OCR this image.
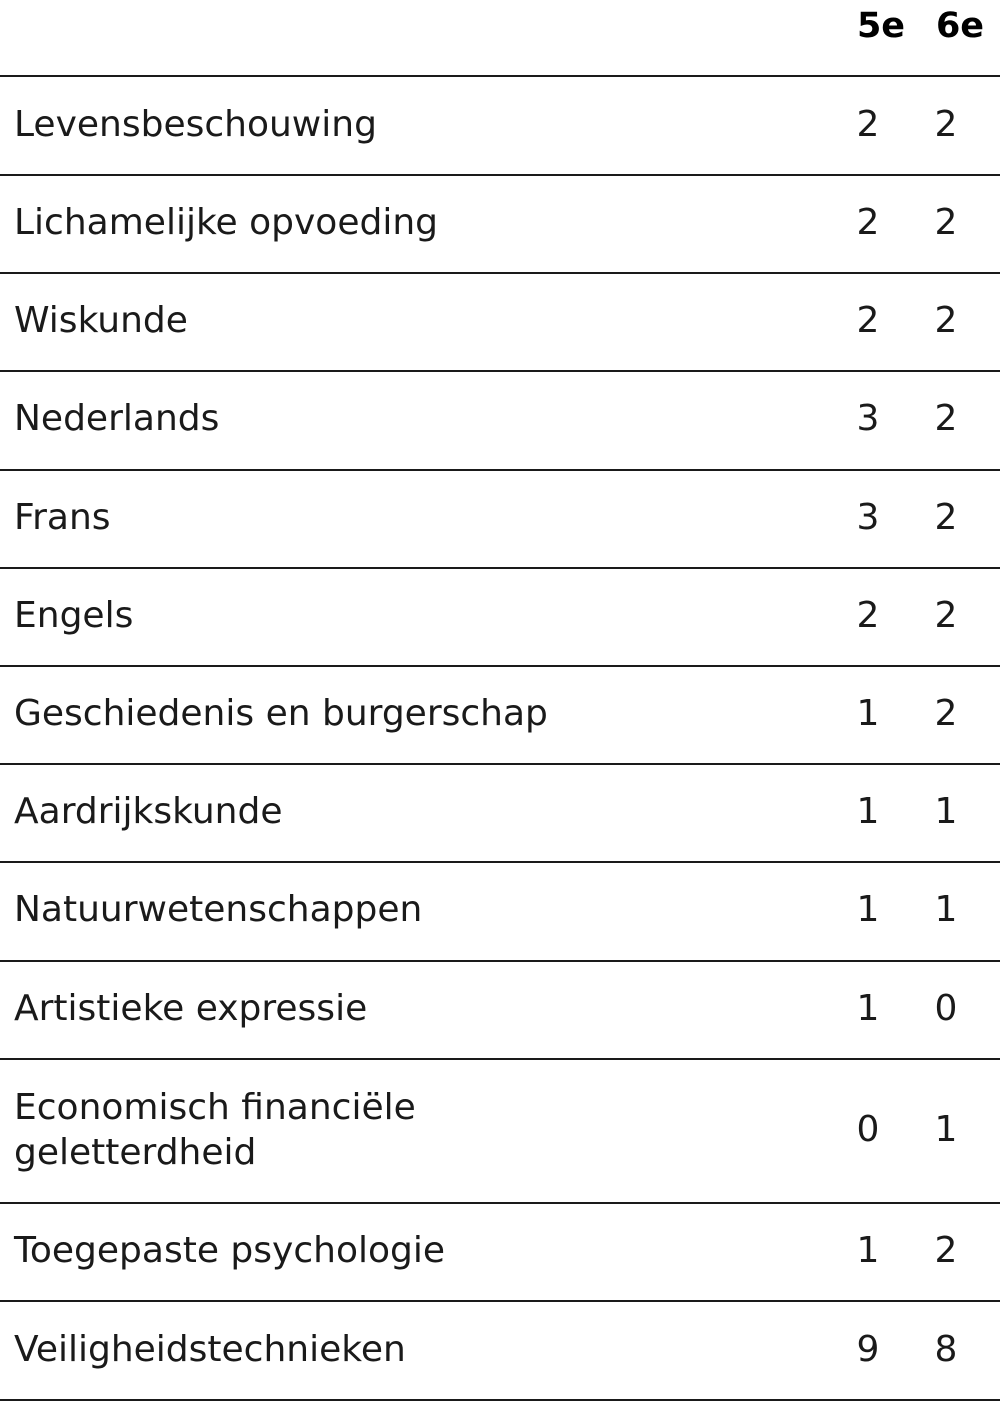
5e 6e
Levensbeschouwing	2	2
Lichamelijke opvoeding	2	2
Wiskunde	2	2
Nederlands	3	2
Frans	3	2
Engels	2	2
Geschiedenis en burgerschap	1	2
Aardrijkskunde	1	1
Natuurwetenschappen	1	1
Artistieke expressie	1	0
Economisch financiële
geletterdheid
0	1
Toegepaste psychologie	1	2
Veiligheidstechnieken	9	8
